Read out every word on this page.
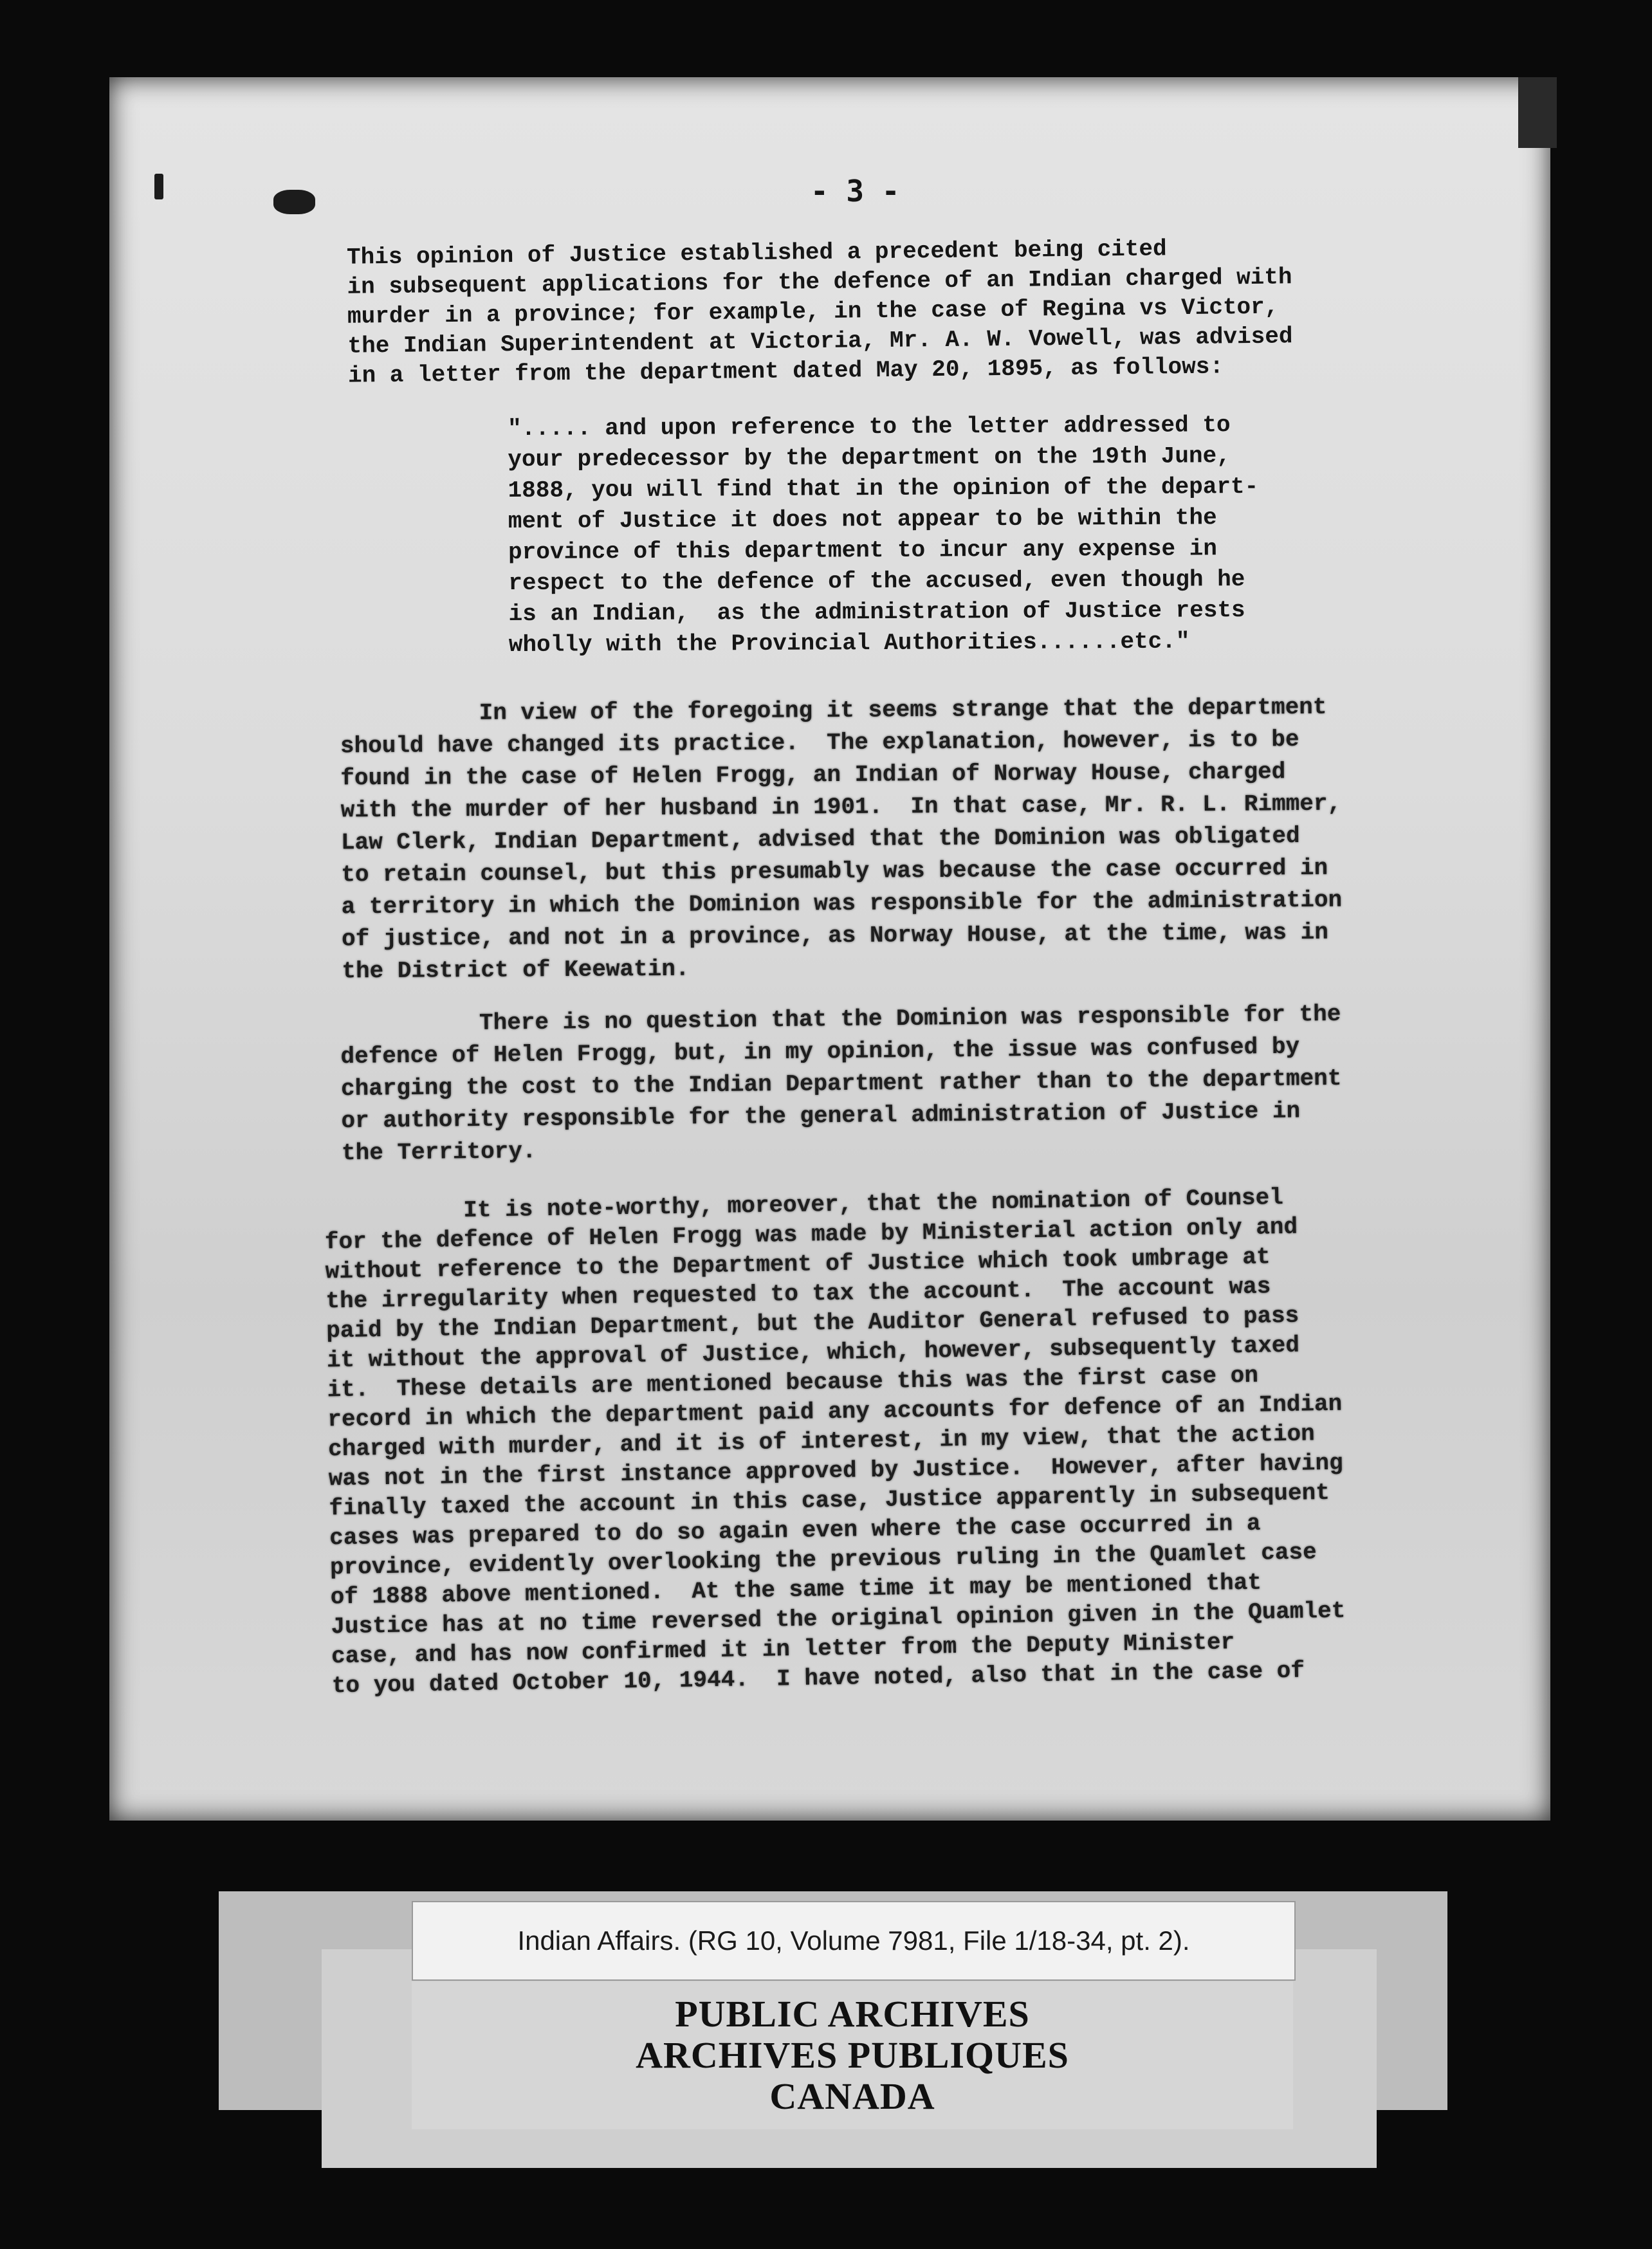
- 3 -
This opinion of Justice established a precedent being cited
in subsequent applications for the defence of an Indian charged with
murder in a province; for example, in the case of Regina vs Victor,
the Indian Superintendent at Victoria, Mr. A. W. Vowell, was advised
in a letter from the department dated May 20, 1895, as follows:
"..... and upon reference to the letter addressed to
your predecessor by the department on the 19th June,
1888, you will find that in the opinion of the depart-
ment of Justice it does not appear to be within the
province of this department to incur any expense in
respect to the defence of the accused, even though he
is an Indian,  as the administration of Justice rests
wholly with the Provincial Authorities......etc."
In view of the foregoing it seems strange that the department
should have changed its practice.  The explanation, however, is to be
found in the case of Helen Frogg, an Indian of Norway House, charged
with the murder of her husband in 1901.  In that case, Mr. R. L. Rimmer,
Law Clerk, Indian Department, advised that the Dominion was obligated
to retain counsel, but this presumably was because the case occurred in
a territory in which the Dominion was responsible for the administration
of justice, and not in a province, as Norway House, at the time, was in
the District of Keewatin.
There is no question that the Dominion was responsible for the
defence of Helen Frogg, but, in my opinion, the issue was confused by
charging the cost to the Indian Department rather than to the department
or authority responsible for the general administration of Justice in
the Territory.
It is note-worthy, moreover, that the nomination of Counsel
for the defence of Helen Frogg was made by Ministerial action only and
without reference to the Department of Justice which took umbrage at
the irregularity when requested to tax the account.  The account was
paid by the Indian Department, but the Auditor General refused to pass
it without the approval of Justice, which, however, subsequently taxed
it.  These details are mentioned because this was the first case on
record in which the department paid any accounts for defence of an Indian
charged with murder, and it is of interest, in my view, that the action
was not in the first instance approved by Justice.  However, after having
finally taxed the account in this case, Justice apparently in subsequent
cases was prepared to do so again even where the case occurred in a
province, evidently overlooking the previous ruling in the Quamlet case
of 1888 above mentioned.  At the same time it may be mentioned that
Justice has at no time reversed the original opinion given in the Quamlet
case, and has now confirmed it in letter from the Deputy Minister
to you dated October 10, 1944.  I have noted, also that in the case of
Indian Affairs. (RG 10, Volume 7981, File 1/18-34, pt. 2).
PUBLIC ARCHIVES
ARCHIVES PUBLIQUES
CANADA
